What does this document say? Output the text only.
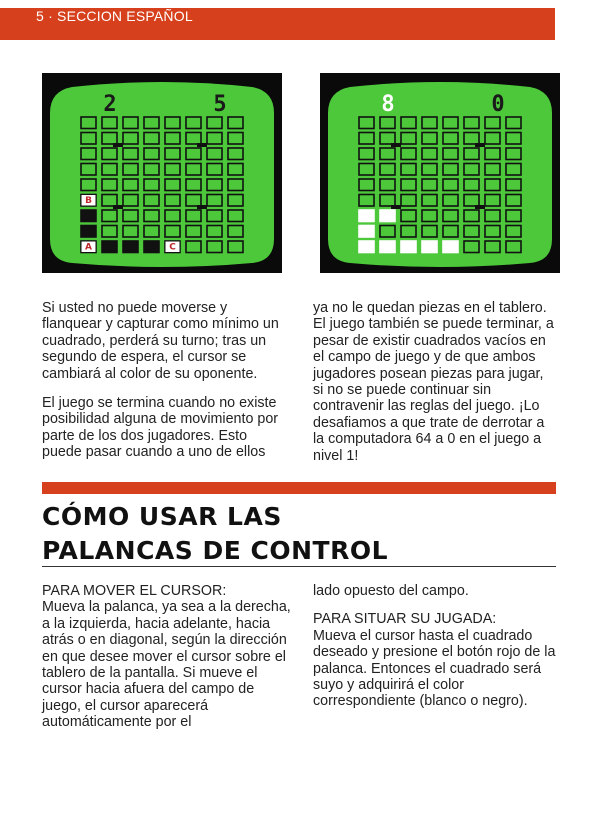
5 · SECCION ESPAÑOL
2	5
B
A	C
8	0

Si usted no puede moverse y flanquear y capturar como mínimo un cuadrado, perderá su turno; tras un segundo de espera, el cursor se cambiará al color de su oponente.

El juego se termina cuando no existe posibilidad alguna de movimiento por parte de los dos jugadores. Esto puede pasar cuando a uno de ellos

ya no le quedan piezas en el tablero. El juego también se puede terminar, a pesar de existir cuadrados vacíos en el campo de juego y de que ambos jugadores posean piezas para jugar, si no se puede continuar sin contravenir las reglas del juego. ¡Lo desafiamos a que trate de derrotar a la computadora 64 a 0 en el juego a nivel 1!

CÓMO USAR LAS
PALANCAS DE CONTROL
PARA MOVER EL CURSOR:

Mueva la palanca, ya sea a la derecha, a la izquierda, hacia adelante, hacia atrás o en diagonal, según la dirección en que desee mover el cursor sobre el tablero de la pantalla. Si mueve el cursor hacia afuera del campo de juego, el cursor aparecerá automáticamente por el

lado opuesto del campo.

PARA SITUAR SU JUGADA:

Mueva el cursor hasta el cuadrado deseado y presione el botón rojo de la palanca. Entonces el cuadrado será suyo y adquirirá el color correspondiente (blanco o negro).
